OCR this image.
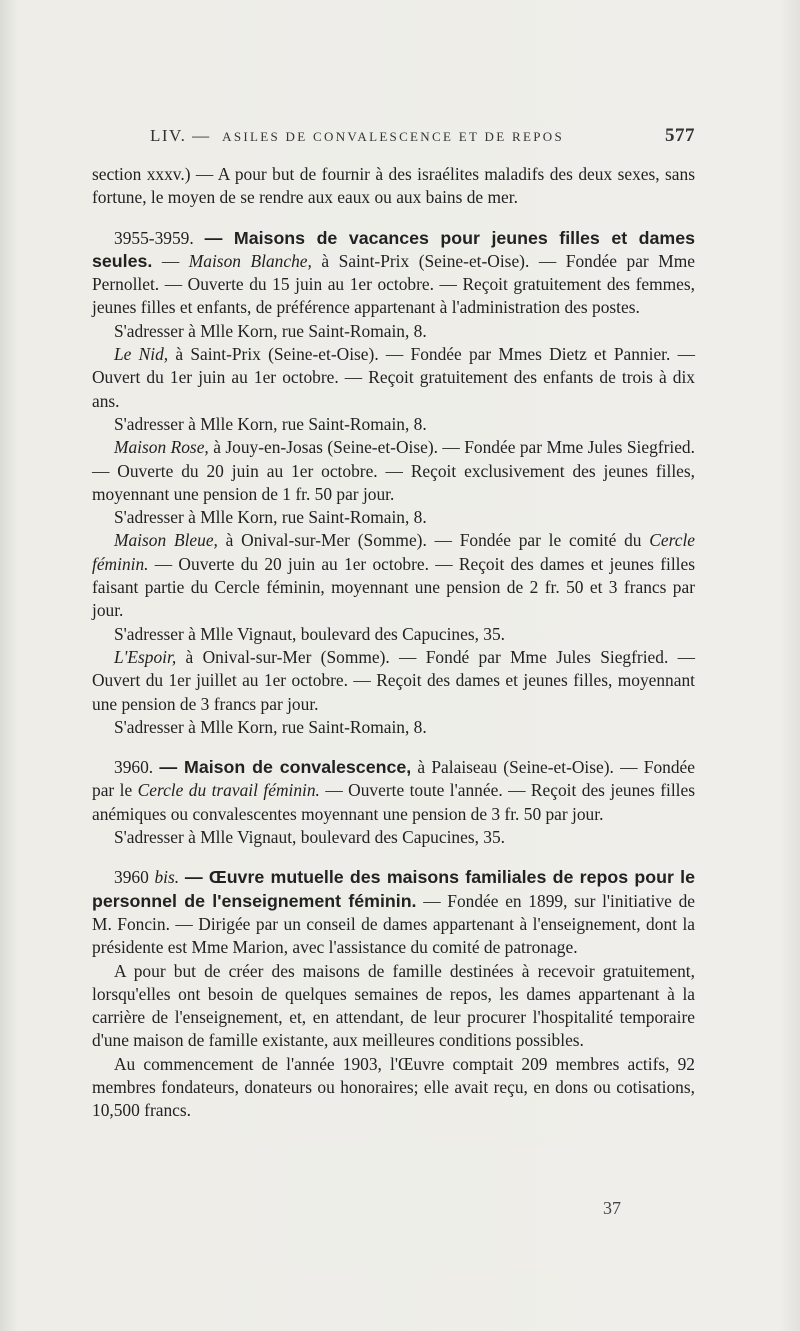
LIV. — ASILES DE CONVALESCENCE ET DE REPOS	577

section xxxv.) — A pour but de fournir à des israélites maladifs des deux sexes, sans fortune, le moyen de se rendre aux eaux ou aux bains de mer.

3955-3959. — Maisons de vacances pour jeunes filles et dames seules. — Maison Blanche, à Saint-Prix (Seine-et-Oise). — Fondée par Mme Pernollet. — Ouverte du 15 juin au 1er octobre. — Reçoit gratuitement des femmes, jeunes filles et enfants, de préférence appartenant à l'administration des postes.

S'adresser à Mlle Korn, rue Saint-Romain, 8.

Le Nid, à Saint-Prix (Seine-et-Oise). — Fondée par Mmes Dietz et Pannier. — Ouvert du 1er juin au 1er octobre. — Reçoit gratuitement des enfants de trois à dix ans.

S'adresser à Mlle Korn, rue Saint-Romain, 8.

Maison Rose, à Jouy-en-Josas (Seine-et-Oise). — Fondée par Mme Jules Siegfried. — Ouverte du 20 juin au 1er octobre. — Reçoit exclusivement des jeunes filles, moyennant une pension de 1 fr. 50 par jour.

S'adresser à Mlle Korn, rue Saint-Romain, 8.

Maison Bleue, à Onival-sur-Mer (Somme). — Fondée par le comité du Cercle féminin. — Ouverte du 20 juin au 1er octobre. — Reçoit des dames et jeunes filles faisant partie du Cercle féminin, moyennant une pension de 2 fr. 50 et 3 francs par jour.

S'adresser à Mlle Vignaut, boulevard des Capucines, 35.

L'Espoir, à Onival-sur-Mer (Somme). — Fondé par Mme Jules Siegfried. — Ouvert du 1er juillet au 1er octobre. — Reçoit des dames et jeunes filles, moyennant une pension de 3 francs par jour.

S'adresser à Mlle Korn, rue Saint-Romain, 8.

3960. — Maison de convalescence, à Palaiseau (Seine-et-Oise). — Fondée par le Cercle du travail féminin. — Ouverte toute l'année. — Reçoit des jeunes filles anémiques ou convalescentes moyennant une pension de 3 fr. 50 par jour.

S'adresser à Mlle Vignaut, boulevard des Capucines, 35.

3960 bis. — Œuvre mutuelle des maisons familiales de repos pour le personnel de l'enseignement féminin. — Fondée en 1899, sur l'initiative de M. Foncin. — Dirigée par un conseil de dames appartenant à l'enseignement, dont la présidente est Mme Marion, avec l'assistance du comité de patronage.

A pour but de créer des maisons de famille destinées à recevoir gratuitement, lorsqu'elles ont besoin de quelques semaines de repos, les dames appartenant à la carrière de l'enseignement, et, en attendant, de leur procurer l'hospitalité temporaire d'une maison de famille existante, aux meilleures conditions possibles.

Au commencement de l'année 1903, l'Œuvre comptait 209 membres actifs, 92 membres fondateurs, donateurs ou honoraires; elle avait reçu, en dons ou cotisations, 10,500 francs.

37
